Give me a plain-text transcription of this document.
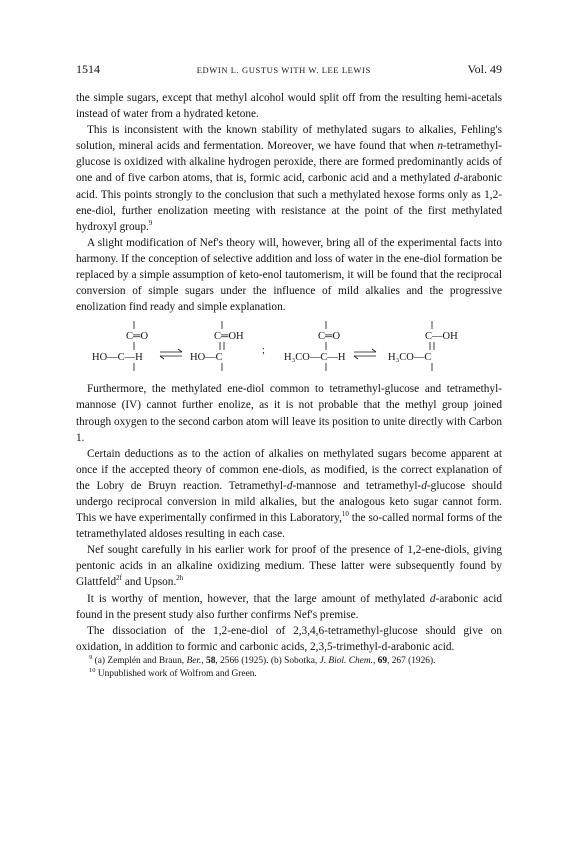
1514	EDWIN L. GUSTUS WITH W. LEE LEWIS	Vol. 49

the simple sugars, except that methyl alcohol would split off from the resulting hemi-acetals instead of water from a hydrated ketone.

This is inconsistent with the known stability of methylated sugars to alkalies, Fehling's solution, mineral acids and fermentation. Moreover, we have found that when n-tetramethyl-glucose is oxidized with alkaline hydrogen peroxide, there are formed predominantly acids of one and of five carbon atoms, that is, formic acid, carbonic acid and a methylated d-arabonic acid. This points strongly to the conclusion that such a methylated hexose forms only as 1,2-ene-diol, further enolization meeting with resistance at the point of the first methylated hydroxyl group.$^9$

A slight modification of Nef's theory will, however, bring all of the experimental facts into harmony. If the conception of selective addition and loss of water in the ene-diol formation be replaced by a simple assumption of keto-enol tautomerism, it will be found that the reciprocal conversion of simple sugars under the influence of mild alkalies and the progressive enolization find ready and simple explanation.

C═O
HO—C—H
C═OH
HO—C
;
C═O
H₃CO—C—H
C—OH
H₃CO—C

Furthermore, the methylated ene-diol common to tetramethyl-glucose and tetramethyl-mannose (IV) cannot further enolize, as it is not probable that the methyl group joined through oxygen to the second carbon atom will leave its position to unite directly with Carbon 1.

Certain deductions as to the action of alkalies on methylated sugars become apparent at once if the accepted theory of common ene-diols, as modified, is the correct explanation of the Lobry de Bruyn reaction. Tetramethyl-d-mannose and tetramethyl-d-glucose should undergo reciprocal conversion in mild alkalies, but the analogous keto sugar cannot form. This we have experimentally confirmed in this Laboratory,$^{10}$ the so-called normal forms of the tetramethylated aldoses resulting in each case.

Nef sought carefully in his earlier work for proof of the presence of 1,2-ene-diols, giving pentonic acids in an alkaline oxidizing medium. These latter were subsequently found by Glattfeld$^{2f}$ and Upson.$^{2h}$

It is worthy of mention, however, that the large amount of methylated d-arabonic acid found in the present study also further confirms Nef's premise.

The dissociation of the 1,2-ene-diol of 2,3,4,6-tetramethyl-glucose should give on oxidation, in addition to formic and carbonic acids, 2,3,5-trimethyl-d-arabonic acid.

$^9$ (a) Zemplén and Braun, Ber., 58, 2566 (1925). (b) Sobotka, J. Biol. Chem., 69, 267 (1926).

$^{10}$ Unpublished work of Wolfrom and Green.
